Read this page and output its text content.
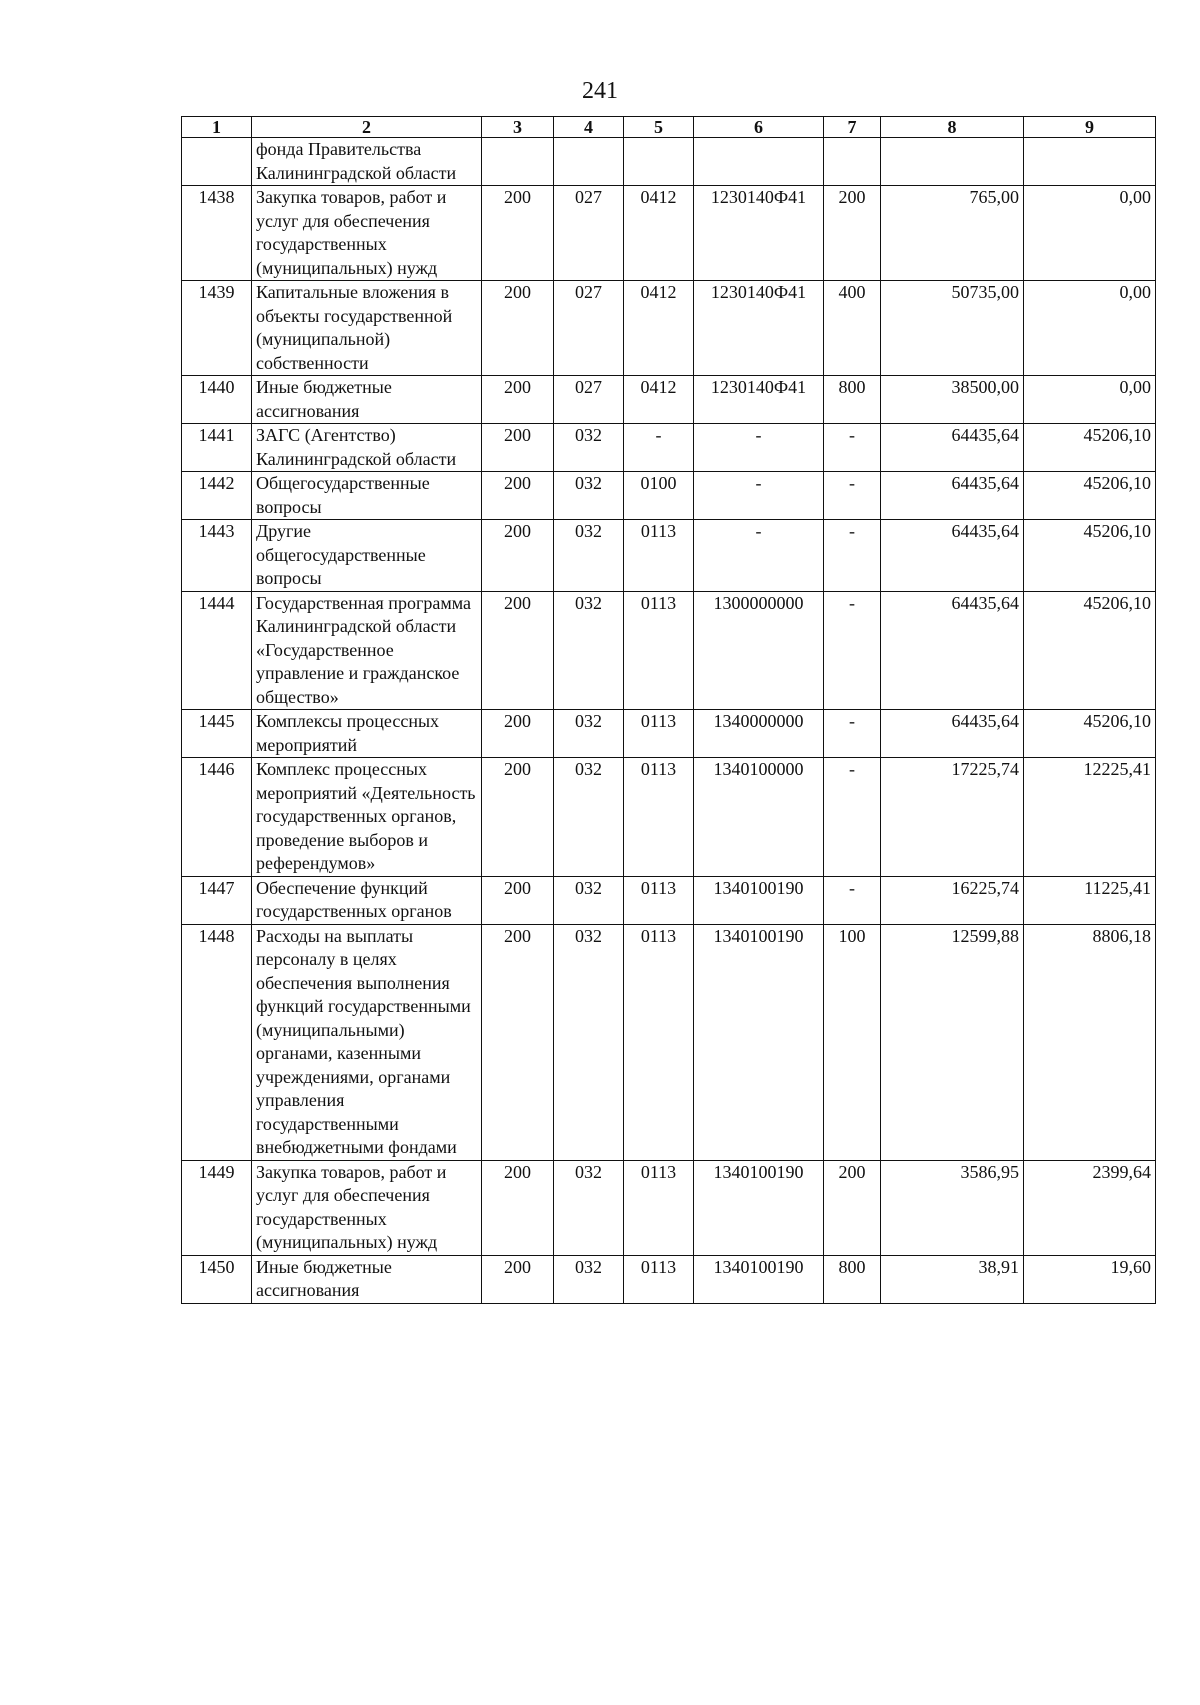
241
1	2	3	4	5	6	7	8	9
	фонда Правительства Калининградской области							
1438	Закупка товаров, работ и услуг для обеспечения государственных (муниципальных) нужд	200	027	0412	1230140Ф41	200	765,00	0,00
1439	Капитальные вложения в объекты государственной (муниципальной) собственности	200	027	0412	1230140Ф41	400	50735,00	0,00
1440	Иные бюджетные ассигнования	200	027	0412	1230140Ф41	800	38500,00	0,00
1441	ЗАГС (Агентство) Калининградской области	200	032	-	-	-	64435,64	45206,10
1442	Общегосударственные вопросы	200	032	0100	-	-	64435,64	45206,10
1443	Другие общегосударственные вопросы	200	032	0113	-	-	64435,64	45206,10
1444	Государственная программа Калининградской области «Государственное управление и гражданское общество»	200	032	0113	1300000000	-	64435,64	45206,10
1445	Комплексы процессных мероприятий	200	032	0113	1340000000	-	64435,64	45206,10
1446	Комплекс процессных мероприятий «Деятельность государственных органов, проведение выборов и референдумов»	200	032	0113	1340100000	-	17225,74	12225,41
1447	Обеспечение функций государственных органов	200	032	0113	1340100190	-	16225,74	11225,41
1448	Расходы на выплаты персоналу в целях обеспечения выполнения функций государственными (муниципальными) органами, казенными учреждениями, органами управления государственными внебюджетными фондами	200	032	0113	1340100190	100	12599,88	8806,18
1449	Закупка товаров, работ и услуг для обеспечения государственных (муниципальных) нужд	200	032	0113	1340100190	200	3586,95	2399,64
1450	Иные бюджетные ассигнования	200	032	0113	1340100190	800	38,91	19,60
